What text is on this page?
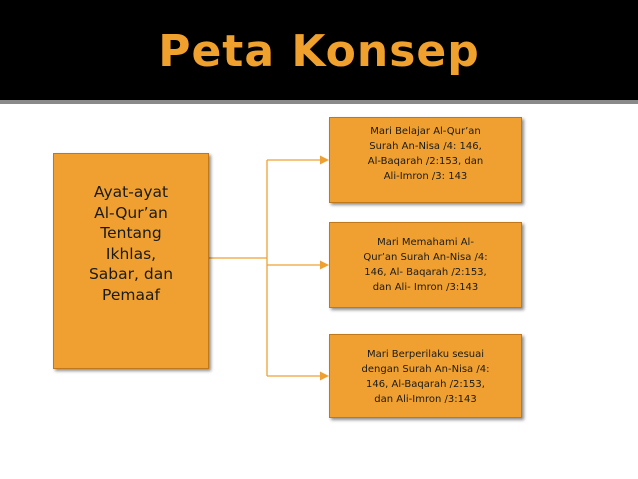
Peta Konsep
Ayat-ayat
Al-Qur’an
Tentang
Ikhlas,
Sabar, dan
Pemaaf
Mari Belajar Al-Qur’an
Surah An-Nisa /4: 146,
Al-Baqarah /2:153, dan
Ali-Imron /3: 143
Mari Memahami Al-
Qur’an Surah An-Nisa /4:
146, Al- Baqarah /2:153,
dan Ali- Imron /3:143
Mari Berperilaku sesuai
dengan Surah An-Nisa /4:
146, Al-Baqarah /2:153,
dan Ali-Imron /3:143
